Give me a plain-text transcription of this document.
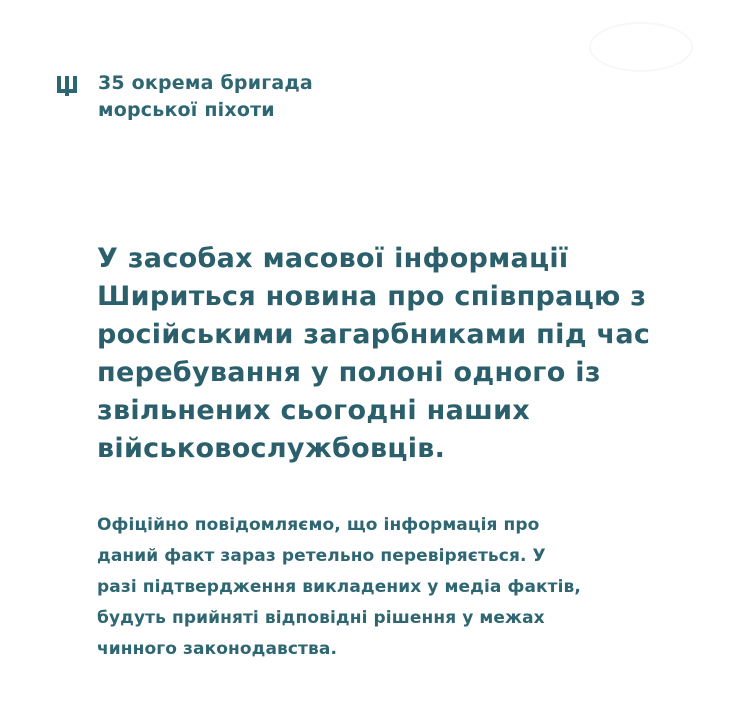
35 окрема бригада
морської піхоти
У засобах масової інформації
Шириться новина про співпрацю з
російськими загарбниками під час
перебування у полоні одного із
звільнених сьогодні наших
військовослужбовців.
Офіційно повідомляємо, що інформація про
даний факт зараз ретельно перевіряється. У
разі підтвердження викладених у медіа фактів,
будуть прийняті відповідні рішення у межах
чинного законодавства.
